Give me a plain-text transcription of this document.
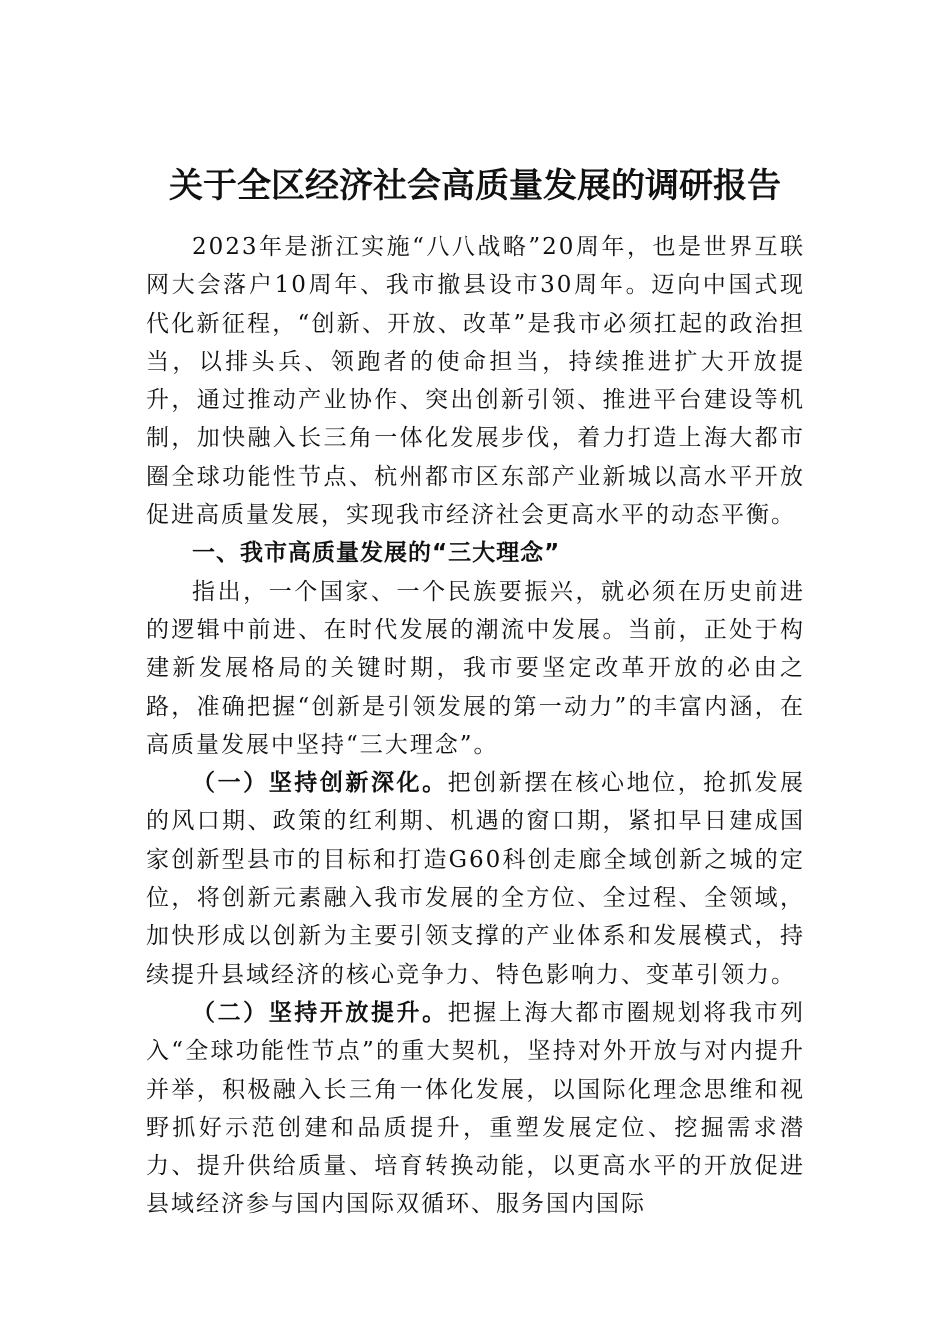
关于全区经济社会高质量发展的调研报告

2023年是浙江实施“八八战略”20周年，也是世界互联网大会落户10周年、我市撤县设市30周年。迈向中国式现代化新征程，“创新、开放、改革”是我市必须扛起的政治担当，以排头兵、领跑者的使命担当，持续推进扩大开放提升，通过推动产业协作、突出创新引领、推进平台建设等机制，加快融入长三角一体化发展步伐，着力打造上海大都市圈全球功能性节点、杭州都市区东部产业新城以高水平开放促进高质量发展，实现我市经济社会更高水平的动态平衡。

一、我市高质量发展的“三大理念”

指出，一个国家、一个民族要振兴，就必须在历史前进的逻辑中前进、在时代发展的潮流中发展。当前，正处于构建新发展格局的关键时期，我市要坚定改革开放的必由之路，准确把握“创新是引领发展的第一动力”的丰富内涵，在高质量发展中坚持“三大理念”。

（一）坚持创新深化。把创新摆在核心地位，抢抓发展的风口期、政策的红利期、机遇的窗口期，紧扣早日建成国家创新型县市的目标和打造G60科创走廊全域创新之城的定位，将创新元素融入我市发展的全方位、全过程、全领域，加快形成以创新为主要引领支撑的产业体系和发展模式，持续提升县域经济的核心竞争力、特色影响力、变革引领力。

（二）坚持开放提升。把握上海大都市圈规划将我市列入“全球功能性节点”的重大契机，坚持对外开放与对内提升并举，积极融入长三角一体化发展，以国际化理念思维和视野抓好示范创建和品质提升，重塑发展定位、挖掘需求潜力、提升供给质量、培育转换动能，以更高水平的开放促进县域经济参与国内国际双循环、服务国内国际
